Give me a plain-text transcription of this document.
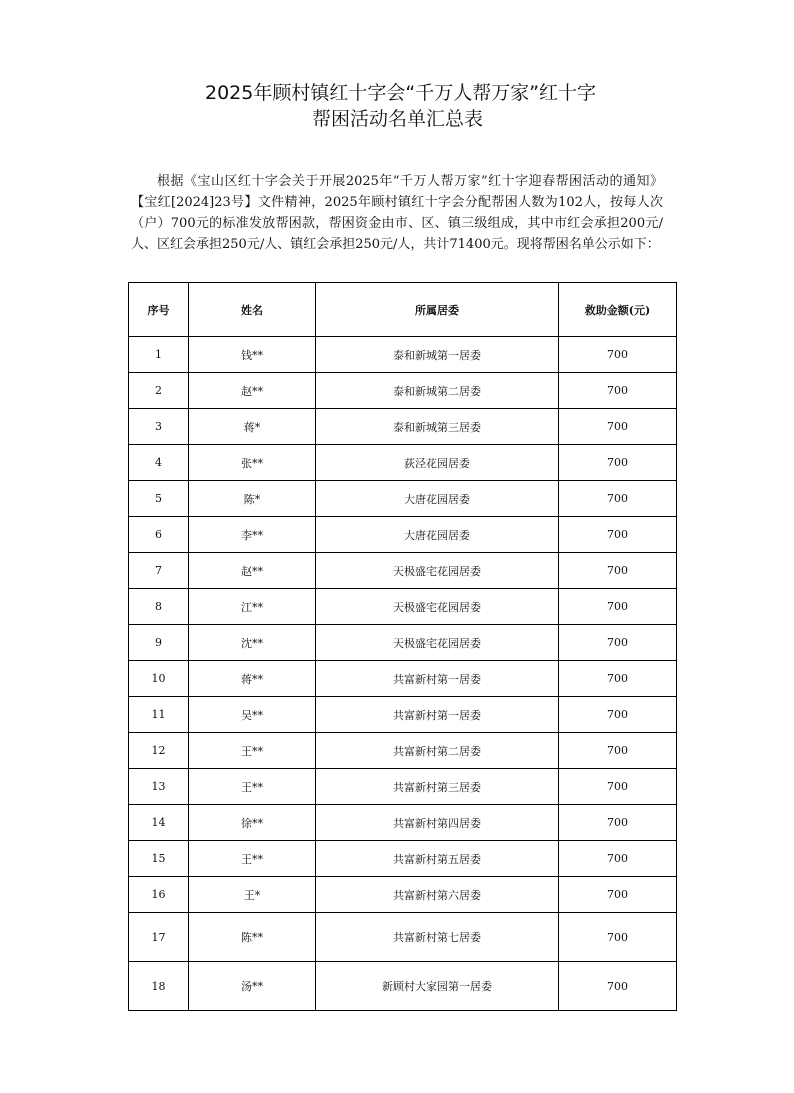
2025年顾村镇红十字会“千万人帮万家”红十字
帮困活动名单汇总表

根据《宝山区红十字会关于开展2025年“千万人帮万家”红十字迎春帮困活动的通知》【宝红[2024]23号】文件精神，2025年顾村镇红十字会分配帮困人数为102人，按每人次（户）700元的标准发放帮困款，帮困资金由市、区、镇三级组成，其中市红会承担200元/人、区红会承担250元/人、镇红会承担250元/人，共计71400元。现将帮困名单公示如下：

序号	姓名	所属居委	救助金额(元)
1	钱**	泰和新城第一居委	700
2	赵**	泰和新城第二居委	700
3	蒋*	泰和新城第三居委	700
4	张**	荻泾花园居委	700
5	陈*	大唐花园居委	700
6	李**	大唐花园居委	700
7	赵**	天极盛宅花园居委	700
8	江**	天极盛宅花园居委	700
9	沈**	天极盛宅花园居委	700
10	蒋**	共富新村第一居委	700
11	吴**	共富新村第一居委	700
12	王**	共富新村第二居委	700
13	王**	共富新村第三居委	700
14	徐**	共富新村第四居委	700
15	王**	共富新村第五居委	700
16	王*	共富新村第六居委	700
17	陈**	共富新村第七居委	700
18	汤**	新顾村大家园第一居委	700
